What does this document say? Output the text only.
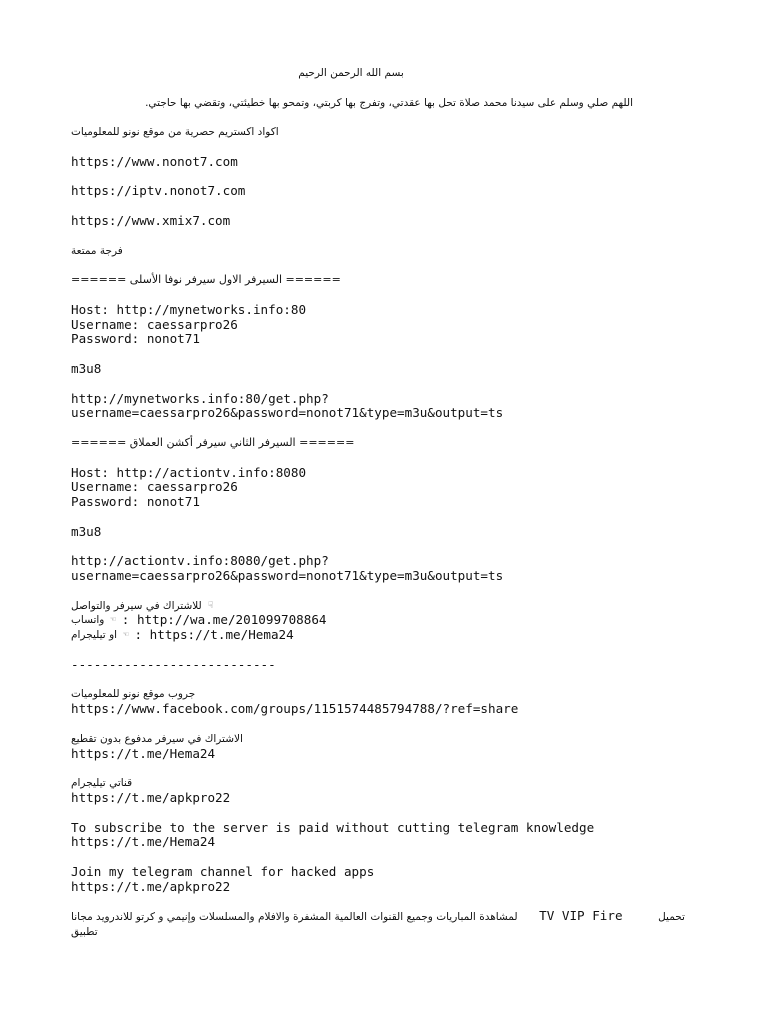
بسم الله الرحمن الرحيم
اللهم صلي وسلم على سيدنا محمد صلاة تحل بها عقدتي، وتفرج بها كربتي، وتمحو بها خطيئتي، وتقضي بها حاجتي.
اكواد اكستريم حصرية من موقع نونو للمعلوميات
https://www.nonot7.com
https://iptv.nonot7.com
https://www.xmix7.com
فرجة ممتعة
====== السيرفر الاول سيرفر نوفا الأسلى ======
Host: http://mynetworks.info:80
Username: caessarpro26
Password: nonot71
m3u8
http://mynetworks.info:80/get.php?
username=caessarpro26&password=nonot71&type=m3u&output=ts
====== السيرفر الثاني سيرفر أكشن العملاق ======
Host: http://actiontv.info:8080
Username: caessarpro26
Password: nonot71
m3u8
http://actiontv.info:8080/get.php?
username=caessarpro26&password=nonot71&type=m3u&output=ts
للاشتراك في سيرفر والتواصل ☟
واتساب ☜ : http://wa.me/201099708864
او تيليجرام ☜ : https://t.me/Hema24
---------------------------
جروب موقع نونو للمعلوميات
https://www.facebook.com/groups/1151574485794788/?ref=share
الاشتراك في سيرفر مدفوع بدون تقطيع
https://t.me/Hema24
قناتي تيليجرام
https://t.me/apkpro22
To subscribe to the server is paid without cutting telegram knowledge
https://t.me/Hema24
Join my telegram channel for hacked apps
https://t.me/apkpro22
لمشاهدة المباريات وجميع القنوات العالمية المشفرة والافلام والمسلسلات وإنيمي و كرتو للاندرويد مجانا TV VIP Fire	تحميل
تطبيق
